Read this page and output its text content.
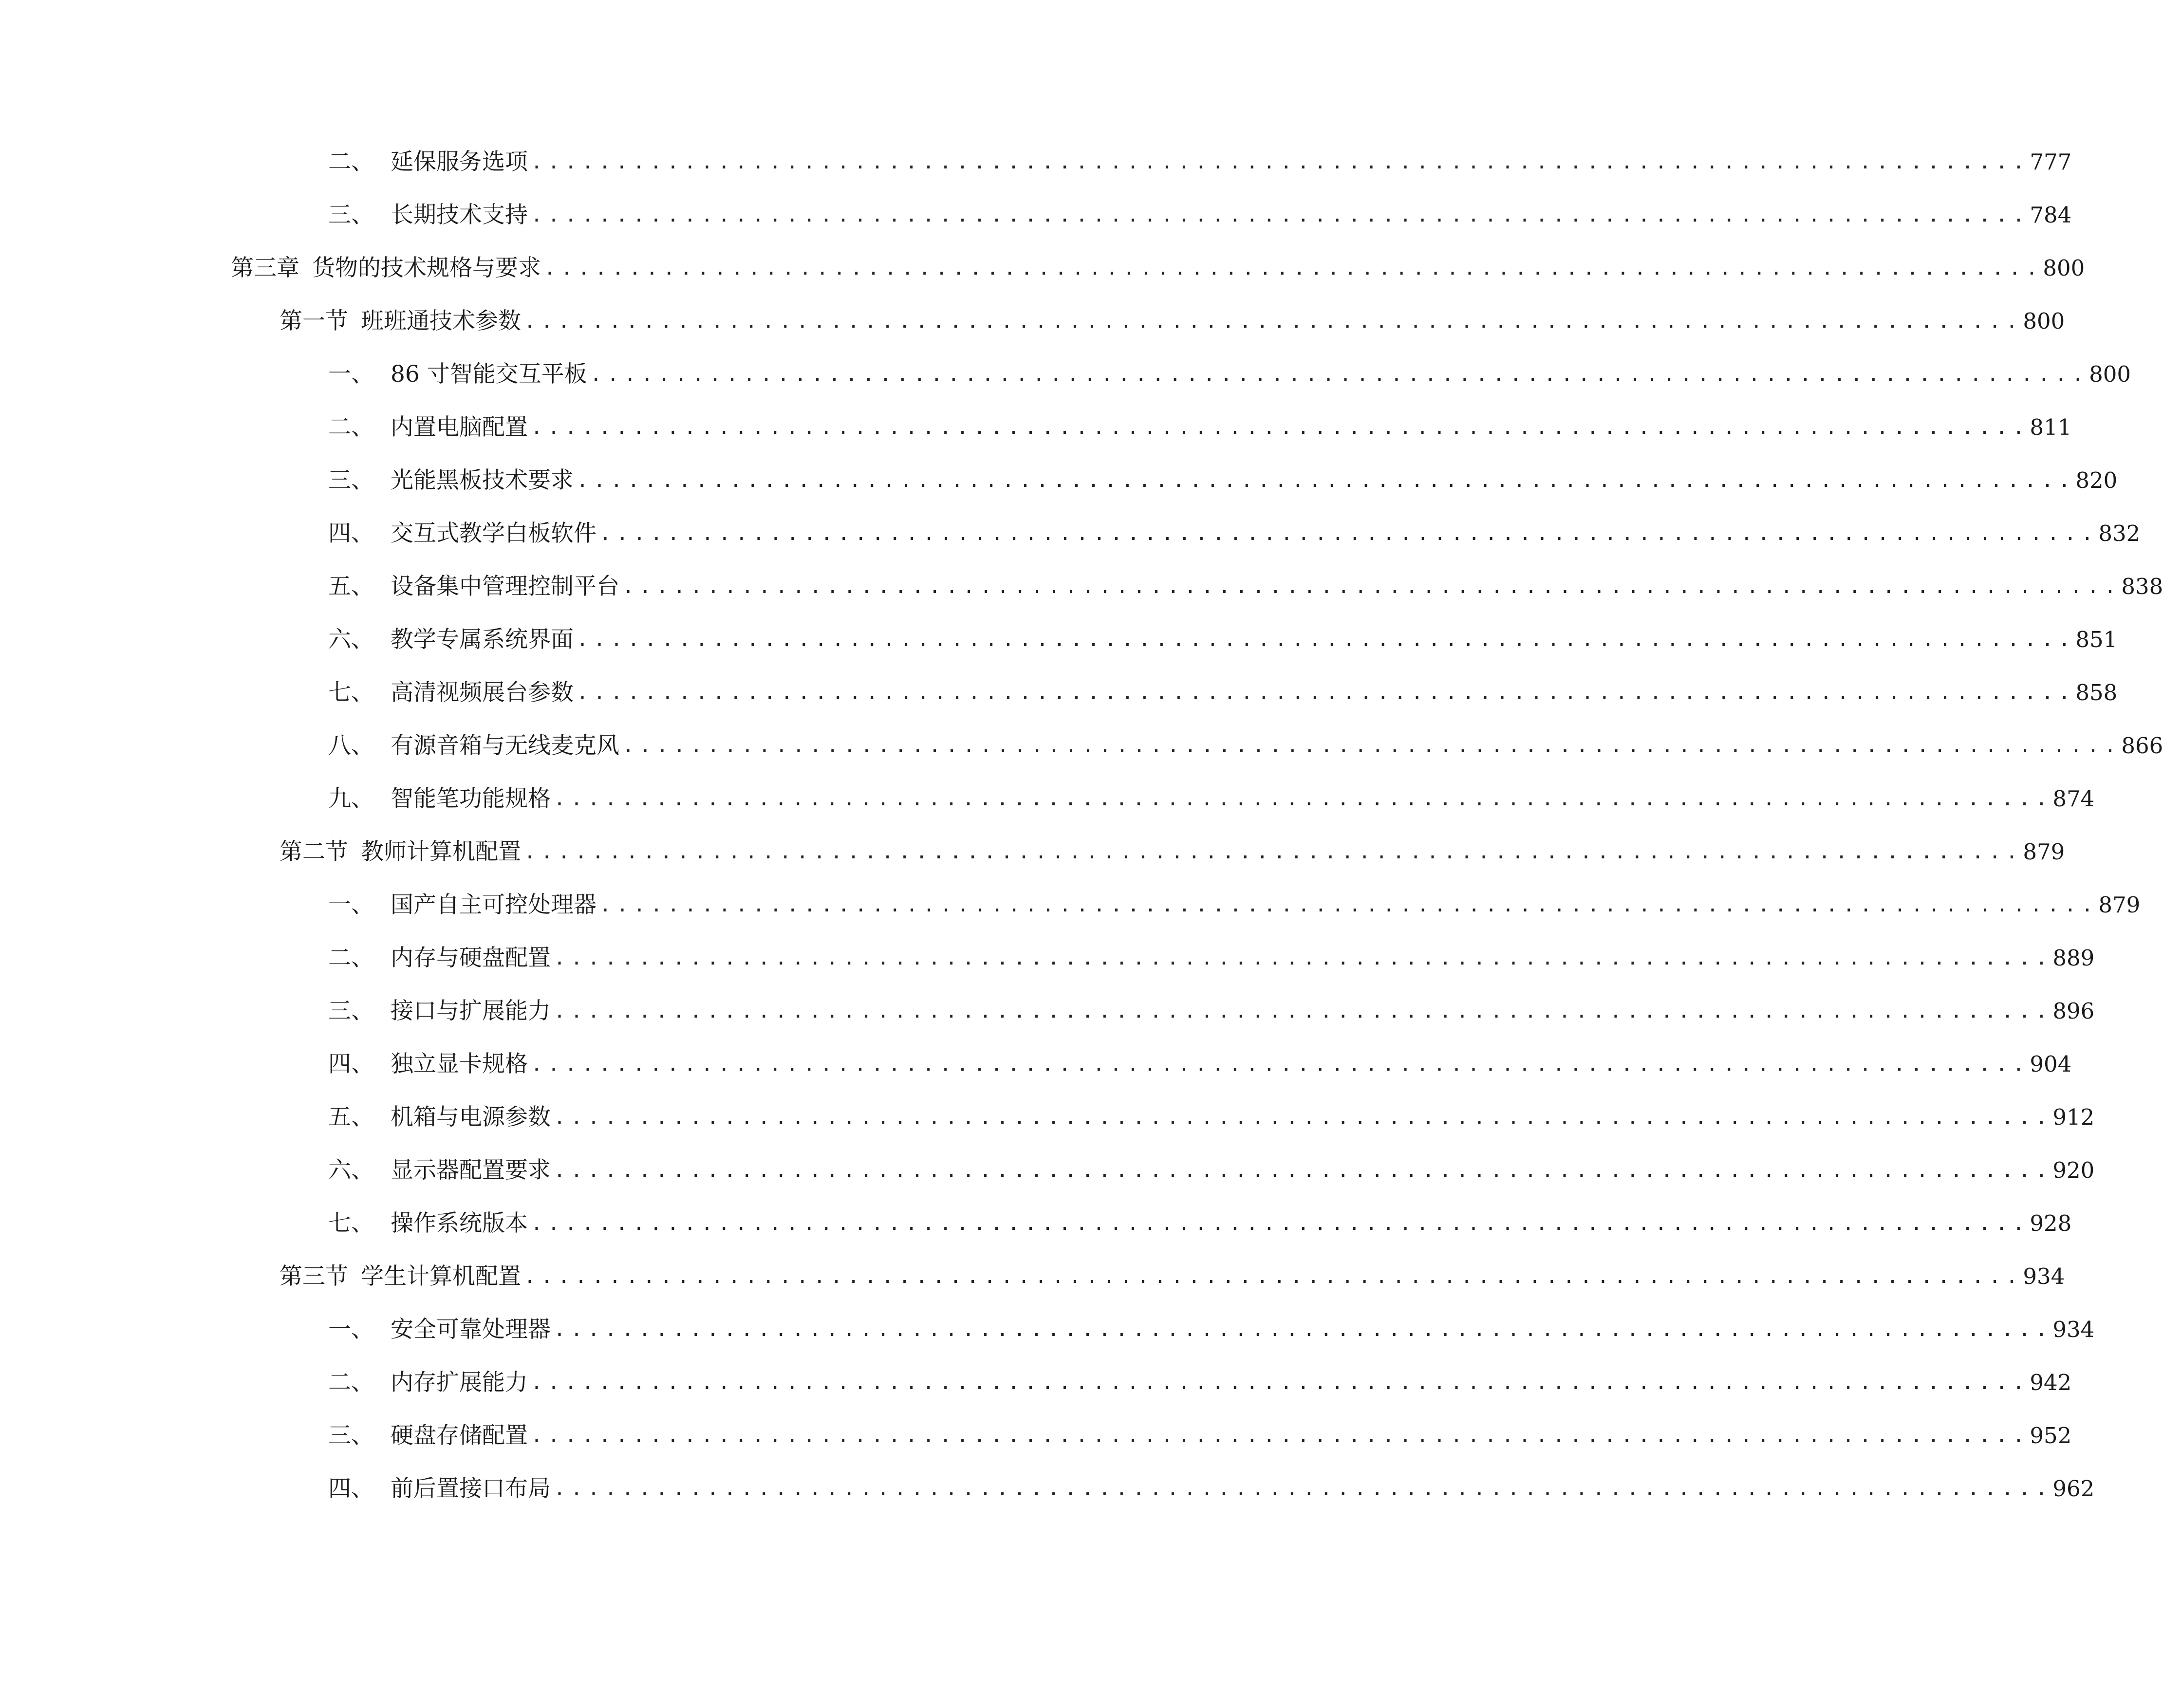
二、 延保服务选项 ........................................................................................ 777
三、 长期技术支持 ........................................................................................ 784
第三章 货物的技术规格与要求 ........................................................................................ 800
第一节 班班通技术参数 ........................................................................................ 800
一、 86 寸智能交互平板 ........................................................................................ 800
二、 内置电脑配置 ........................................................................................ 811
三、 光能黑板技术要求 ........................................................................................ 820
四、 交互式教学白板软件 ........................................................................................ 832
五、 设备集中管理控制平台 ........................................................................................ 838
六、 教学专属系统界面 ........................................................................................ 851
七、 高清视频展台参数 ........................................................................................ 858
八、 有源音箱与无线麦克风 ........................................................................................ 866
九、 智能笔功能规格 ........................................................................................ 874
第二节 教师计算机配置 ........................................................................................ 879
一、 国产自主可控处理器 ........................................................................................ 879
二、 内存与硬盘配置 ........................................................................................ 889
三、 接口与扩展能力 ........................................................................................ 896
四、 独立显卡规格 ........................................................................................ 904
五、 机箱与电源参数 ........................................................................................ 912
六、 显示器配置要求 ........................................................................................ 920
七、 操作系统版本 ........................................................................................ 928
第三节 学生计算机配置 ........................................................................................ 934
一、 安全可靠处理器 ........................................................................................ 934
二、 内存扩展能力 ........................................................................................ 942
三、 硬盘存储配置 ........................................................................................ 952
四、 前后置接口布局 ........................................................................................ 962
